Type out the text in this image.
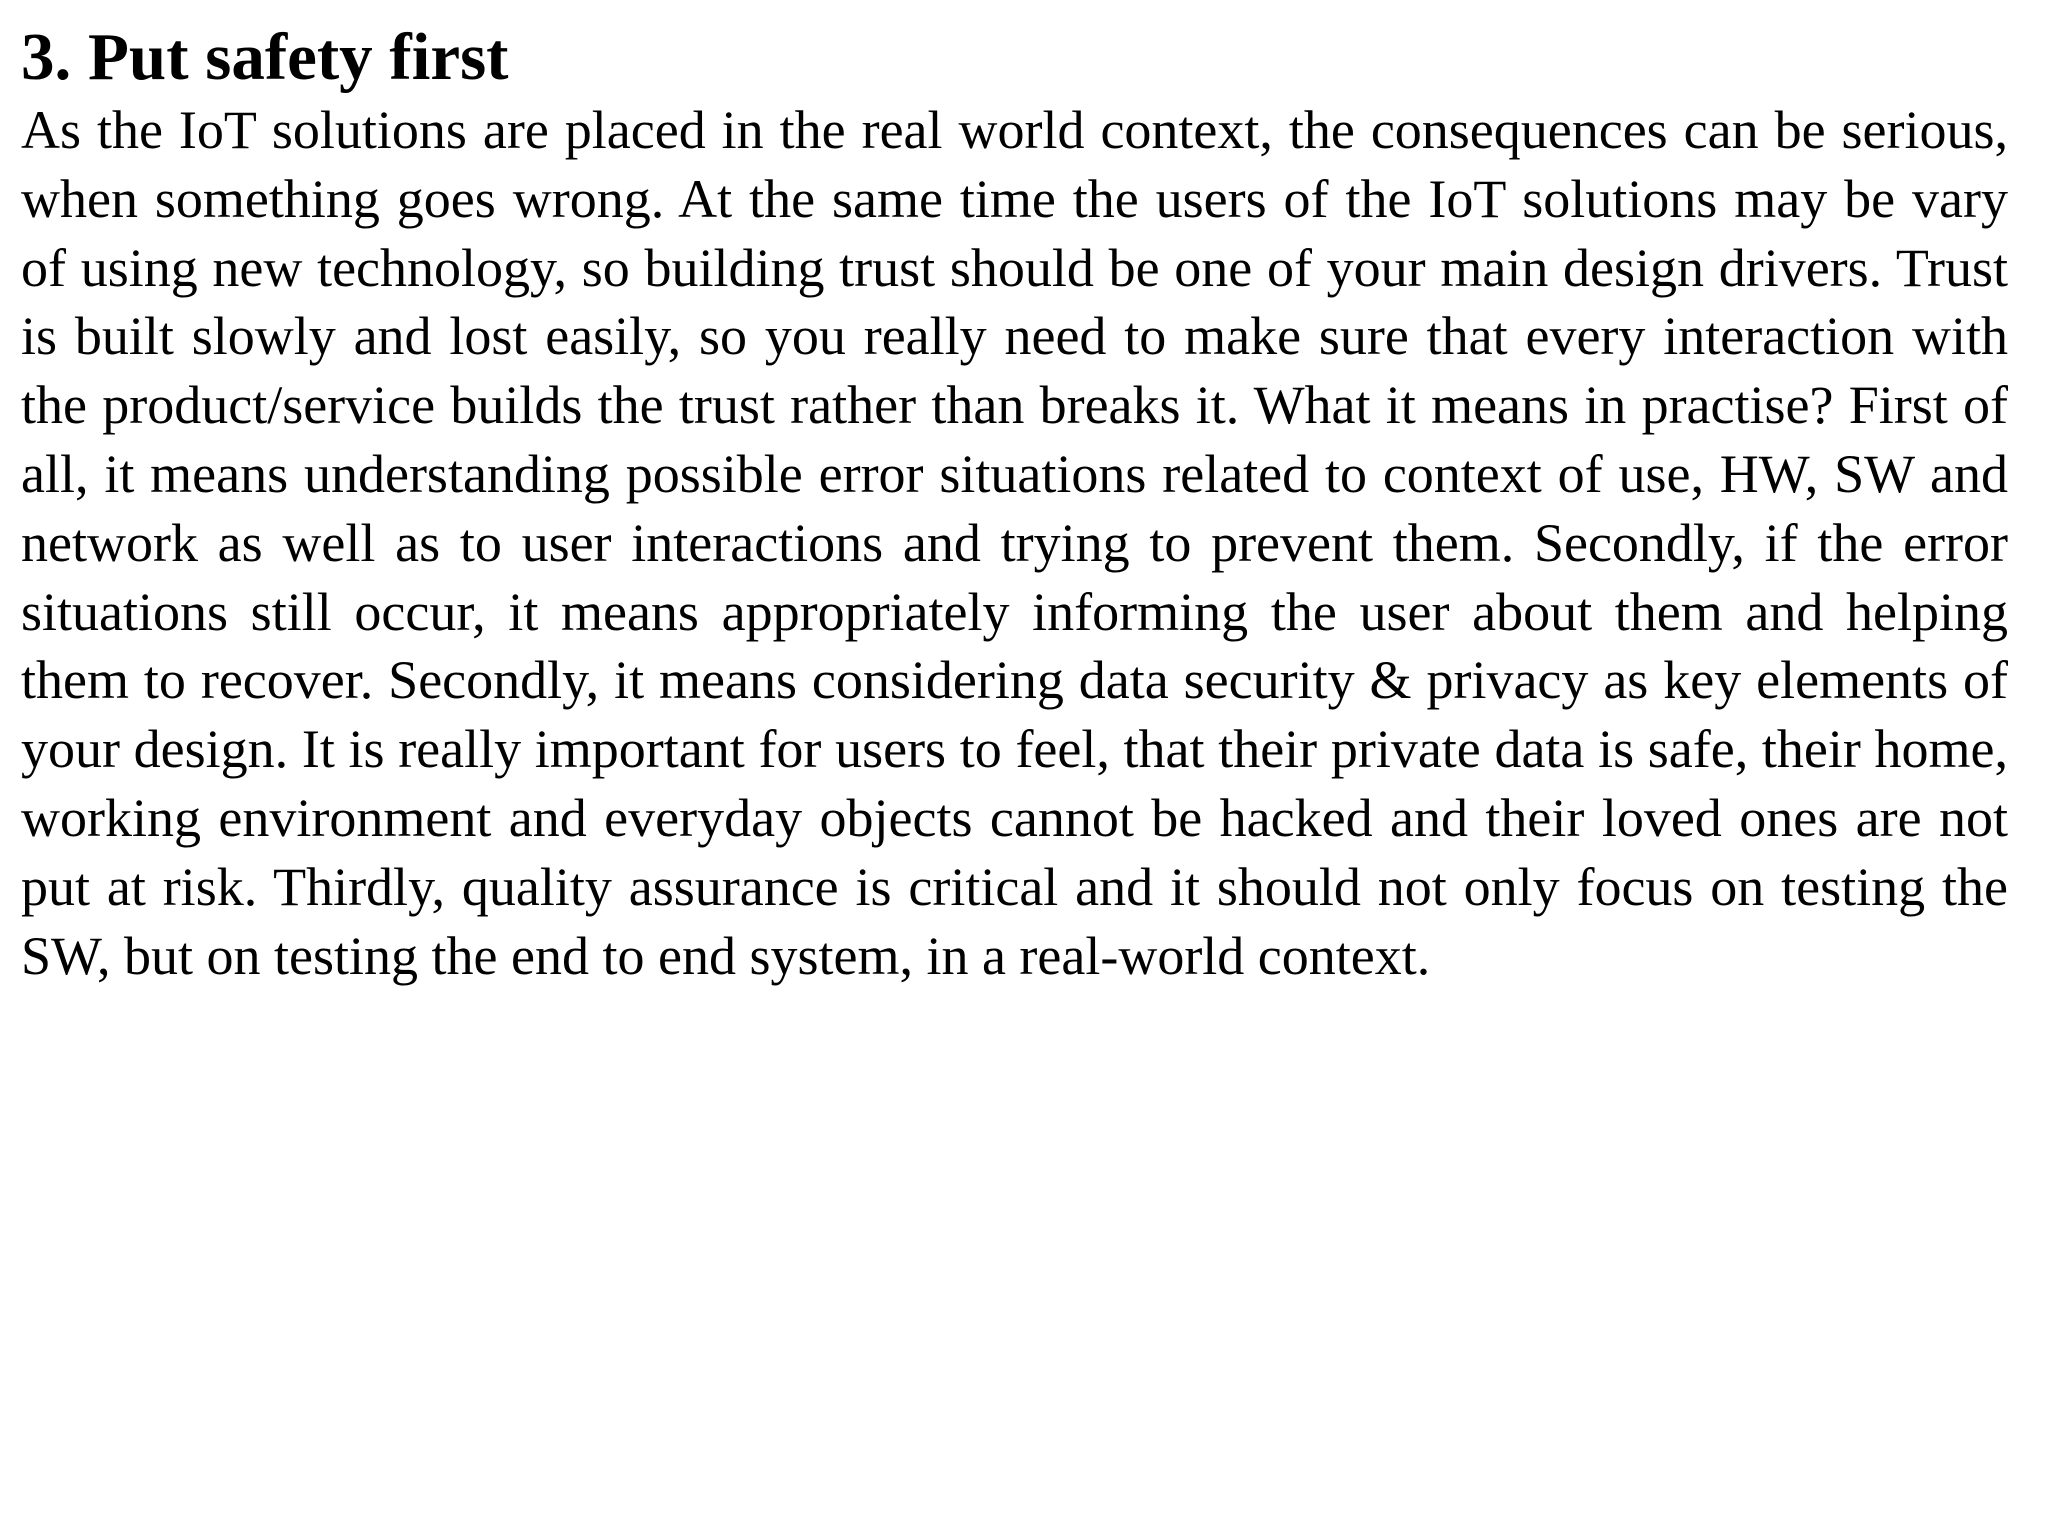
3. Put safety first

As the IoT solutions are placed in the real world context, the consequences can be serious, when something goes wrong. At the same time the users of the IoT solutions may be vary of using new technology, so building trust should be one of your main design drivers. Trust is built slowly and lost easily, so you really need to make sure that every interaction with the product/service builds the trust rather than breaks it. What it means in practise? First of all, it means understanding possible error situations related to context of use, HW, SW and network as well as to user interactions and trying to prevent them. Secondly, if the error situations still occur, it means appropriately informing the user about them and helping them to recover. Secondly, it means considering data security & privacy as key elements of your design. It is really important for users to feel, that their private data is safe, their home, working environment and everyday objects cannot be hacked and their loved ones are not put at risk. Thirdly, quality assurance is critical and it should not only focus on testing the SW, but on testing the end to end system, in a real-world context.
